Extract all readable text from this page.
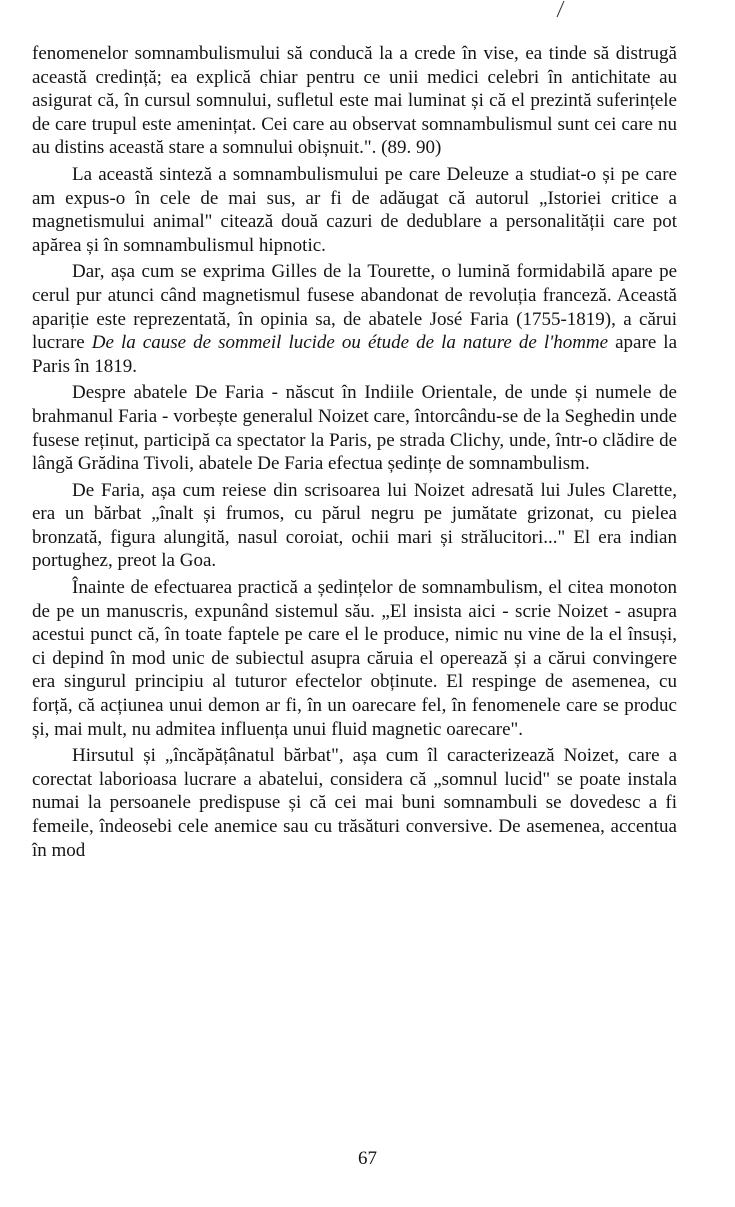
fenomenelor somnambulismului să conducă la a crede în vise, ea tinde să distrugă această credință; ea explică chiar pentru ce unii medici celebri în antichitate au asigurat că, în cursul somnului, sufletul este mai luminat și că el prezintă suferințele de care trupul este amenințat. Cei care au observat somnambulismul sunt cei care nu au distins această stare a somnului obișnuit.". (89. 90)

La această sinteză a somnambulismului pe care Deleuze a studiat-o și pe care am expus-o în cele de mai sus, ar fi de adăugat că autorul „Istoriei critice a magnetismului animal" citează două cazuri de dedublare a personalității care pot apărea și în somnambulismul hipnotic.

Dar, așa cum se exprima Gilles de la Tourette, o lumină formidabilă apare pe cerul pur atunci când magnetismul fusese abandonat de revoluția franceză. Această apariție este reprezentată, în opinia sa, de abatele José Faria (1755-1819), a cărui lucrare De la cause de sommeil lucide ou étude de la nature de l'homme apare la Paris în 1819.

Despre abatele De Faria - născut în Indiile Orientale, de unde și numele de brahmanul Faria - vorbește generalul Noizet care, întorcându-se de la Seghedin unde fusese reținut, participă ca spectator la Paris, pe strada Clichy, unde, într-o clădire de lângă Grădina Tivoli, abatele De Faria efectua ședințe de somnambulism.

De Faria, așa cum reiese din scrisoarea lui Noizet adresată lui Jules Clarette, era un bărbat „înalt și frumos, cu părul negru pe jumătate grizonat, cu pielea bronzată, figura alungită, nasul coroiat, ochii mari și strălucitori..." El era indian portughez, preot la Goa.

Înainte de efectuarea practică a ședințelor de somnambulism, el citea monoton de pe un manuscris, expunând sistemul său. „El insista aici - scrie Noizet - asupra acestui punct că, în toate faptele pe care el le produce, nimic nu vine de la el însuși, ci depind în mod unic de subiectul asupra căruia el operează și a cărui convingere era singurul principiu al tuturor efectelor obținute. El respinge de asemenea, cu forță, că acțiunea unui demon ar fi, în un oarecare fel, în fenomenele care se produc și, mai mult, nu admitea influența unui fluid magnetic oarecare".

Hirsutul și „încăpățânatul bărbat", așa cum îl caracterizează Noizet, care a corectat laborioasa lucrare a abatelui, considera că „somnul lucid" se poate instala numai la persoanele predispuse și că cei mai buni somnambuli se dovedesc a fi femeile, îndeosebi cele anemice sau cu trăsături conversive. De asemenea, accentua în mod

67
